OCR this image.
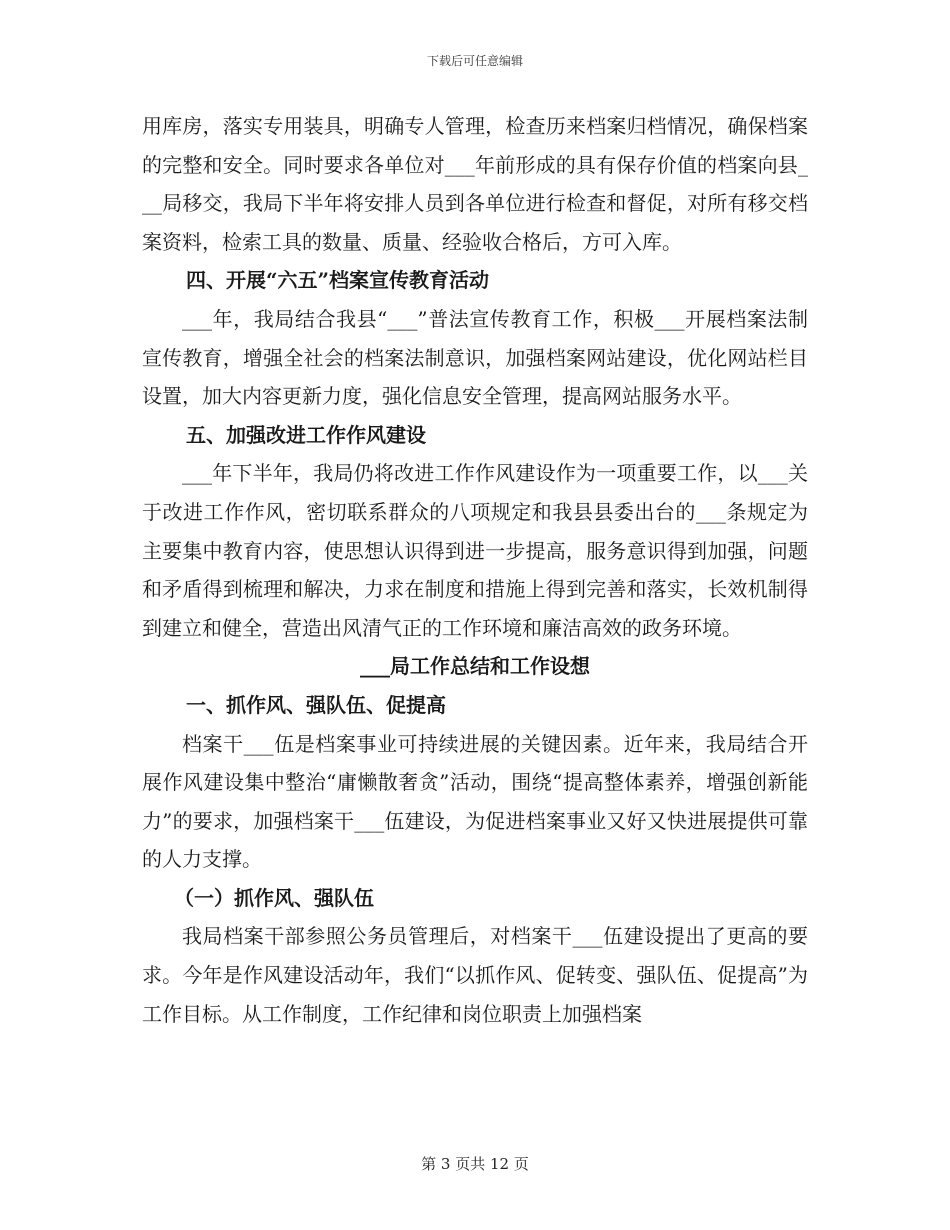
下载后可任意编辑

用库房，落实专用装具，明确专人管理，检查历来档案归档情况，确保档案的完整和安全。同时要求各单位对___年前形成的具有保存价值的档案向县___局移交，我局下半年将安排人员到各单位进行检查和督促，对所有移交档案资料，检索工具的数量、质量、经验收合格后，方可入库。

四、开展“六五”档案宣传教育活动

___年，我局结合我县“___”普法宣传教育工作，积极___开展档案法制宣传教育，增强全社会的档案法制意识，加强档案网站建设，优化网站栏目设置，加大内容更新力度，强化信息安全管理，提高网站服务水平。

五、加强改进工作作风建设

___年下半年，我局仍将改进工作作风建设作为一项重要工作，以___关于改进工作作风，密切联系群众的八项规定和我县县委出台的___条规定为主要集中教育内容，使思想认识得到进一步提高，服务意识得到加强，问题和矛盾得到梳理和解决，力求在制度和措施上得到完善和落实，长效机制得到建立和健全，营造出风清气正的工作环境和廉洁高效的政务环境。

___局工作总结和工作设想

一、抓作风、强队伍、促提高

档案干___伍是档案事业可持续进展的关键因素。近年来，我局结合开展作风建设集中整治“庸懒散奢贪”活动，围绕“提高整体素养，增强创新能力”的要求，加强档案干___伍建设，为促进档案事业又好又快进展提供可靠的人力支撑。

（一）抓作风、强队伍

我局档案干部参照公务员管理后，对档案干___伍建设提出了更高的要求。今年是作风建设活动年，我们“以抓作风、促转变、强队伍、促提高”为工作目标。从工作制度，工作纪律和岗位职责上加强档案

第 3 页共 12 页
